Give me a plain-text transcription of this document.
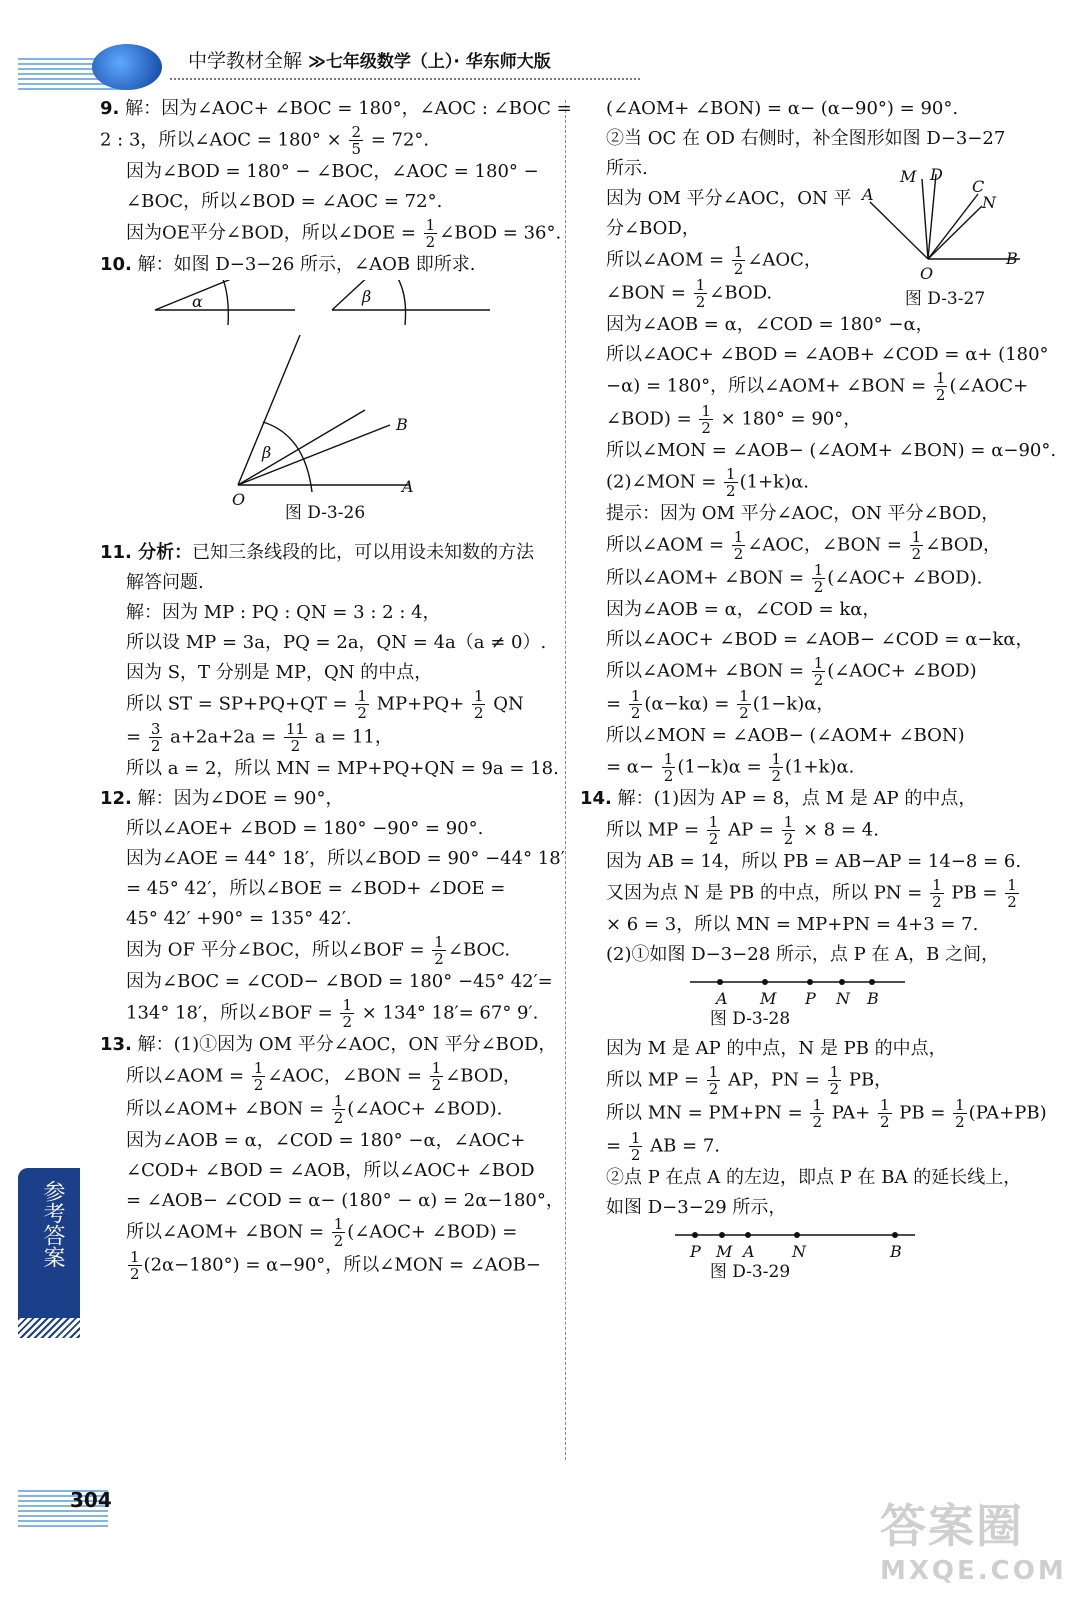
中学教材全解 ≫七年级数学（上）· 华东师大版

9. 解：因为∠AOC+ ∠BOC = 180°，∠AOC : ∠BOC =

2 : 3，所以∠AOC = $180^\circ \times \frac{2}{5} = 72^\circ$.

因为∠BOD = 180° − ∠BOC，∠AOC = 180° −

∠BOC，所以∠BOD = ∠AOC = 72°.

因为OE平分∠BOD，所以∠DOE = $\frac{1}{2}$ ∠BOD = 36°.

10. 解：如图 D−3−26 所示，∠AOB 即所求.

α	β
β
B
A
O
图 D-3-26

11. 分析：已知三条线段的比，可以用设未知数的方法

解答问题.

解：因为 MP : PQ : QN = 3 : 2 : 4，

所以设 MP = 3a，PQ = 2a，QN = 4a（a ≠ 0）.

因为 S，T 分别是 MP，QN 的中点，

所以 ST = $SP+PQ+QT = \frac{1}{2} MP+PQ+ \frac{1}{2}$ QN

= $\frac{3}{2} a+2a+2a = \frac{11}{2}$ a = 11，

所以 a = 2，所以 MN = MP+PQ+QN = 9a = 18.

12. 解：因为∠DOE = 90°，

所以∠AOE+ ∠BOD = 180° −90° = 90°.

因为∠AOE = 44° 18′，所以∠BOD = 90° −44° 18′

= 45° 42′，所以∠BOE = ∠BOD+ ∠DOE =

45° 42′ +90° = 135° 42′.

因为 OF 平分∠BOC，所以∠BOF = $\frac{1}{2}$ ∠BOC.

因为∠BOC = ∠COD− ∠BOD = 180° −45° 42′=

134° 18′，所以∠BOF = $\frac{1}{2} \times 134^\circ$ 18′= 67° 9′.

13. 解：(1)①因为 OM 平分∠AOC，ON 平分∠BOD，

所以∠AOM = $\frac{1}{2}$ ∠AOC，∠BON = $\frac{1}{2}$ ∠BOD，

所以∠AOM+ ∠BON = $\frac{1}{2}$ (∠AOC+ ∠BOD).

因为∠AOB = α，∠COD = 180° −α，∠AOC+

∠COD+ ∠BOD = ∠AOB，所以∠AOC+ ∠BOD

= ∠AOB− ∠COD = α− (180° − α) = 2α−180°，

所以∠AOM+ ∠BON = $\frac{1}{2}$ (∠AOC+ ∠BOD) =

$\frac{1}{2} (2\alpha-180^\circ) = \alpha-90^\circ$，所以∠MON = ∠AOB−

(∠AOM+ ∠BON) = α− (α−90°) = 90°.

②当 OC 在 OD 右侧时，补全图形如图 D−3−27

所示.

因为 OM 平分∠AOC，ON 平

分∠BOD，

M D
C
N
A
O
B
图 D-3-27

所以∠AOM = $\frac{1}{2}$ ∠AOC，

∠BON = $\frac{1}{2}$ ∠BOD.

因为∠AOB = α，∠COD = 180° −α，

所以∠AOC+ ∠BOD = ∠AOB+ ∠COD = α+ (180°

−α) = 180°，所以∠AOM+ ∠BON = $\frac{1}{2}$ (∠AOC+

∠BOD) = $\frac{1}{2} \times 180^\circ = 90^\circ$，

所以∠MON = ∠AOB− (∠AOM+ ∠BON) = α−90°.

(2)∠MON = $\frac{1}{2} (1+k)\alpha$.

提示：因为 OM 平分∠AOC，ON 平分∠BOD，

所以∠AOM = $\frac{1}{2}$ ∠AOC，∠BON = $\frac{1}{2}$ ∠BOD，

所以∠AOM+ ∠BON = $\frac{1}{2}$ (∠AOC+ ∠BOD).

因为∠AOB = α，∠COD = kα，

所以∠AOC+ ∠BOD = ∠AOB− ∠COD = α−kα，

所以∠AOM+ ∠BON = $\frac{1}{2}$ (∠AOC+ ∠BOD)

= $\frac{1}{2} (\alpha-k\alpha) = \frac{1}{2} (1-k)\alpha$，

所以∠MON = ∠AOB− (∠AOM+ ∠BON)

= $\alpha- \frac{1}{2} (1-k)\alpha = \frac{1}{2} (1+k)\alpha$.

14. 解：(1)因为 AP = 8，点 M 是 AP 的中点，

所以 MP = $\frac{1}{2}$ AP = $\frac{1}{2} \times 8 = 4$.

因为 AB = 14，所以 PB = AB−AP = 14−8 = 6.

又因为点 N 是 PB 的中点，所以 PN = $\frac{1}{2}$ PB = $\frac{1}{2}$

× 6 = 3，所以 MN = MP+PN = 4+3 = 7.

(2)①如图 D−3−28 所示，点 P 在 A，B 之间，

A M P N B
图 D-3-28

因为 M 是 AP 的中点，N 是 PB 的中点，

所以 MP = $\frac{1}{2}$ AP，PN = $\frac{1}{2}$ PB，

所以 MN = $PM+PN = \frac{1}{2} PA+ \frac{1}{2}$ PB = $\frac{1}{2} (PA+PB)$

= $\frac{1}{2}$ AB = 7.

②点 P 在点 A 的左边，即点 P 在 BA 的延长线上，

如图 D−3−29 所示，

P M A N	B
图 D-3-29
参考答案
304	答案圈
MXQE.COM
